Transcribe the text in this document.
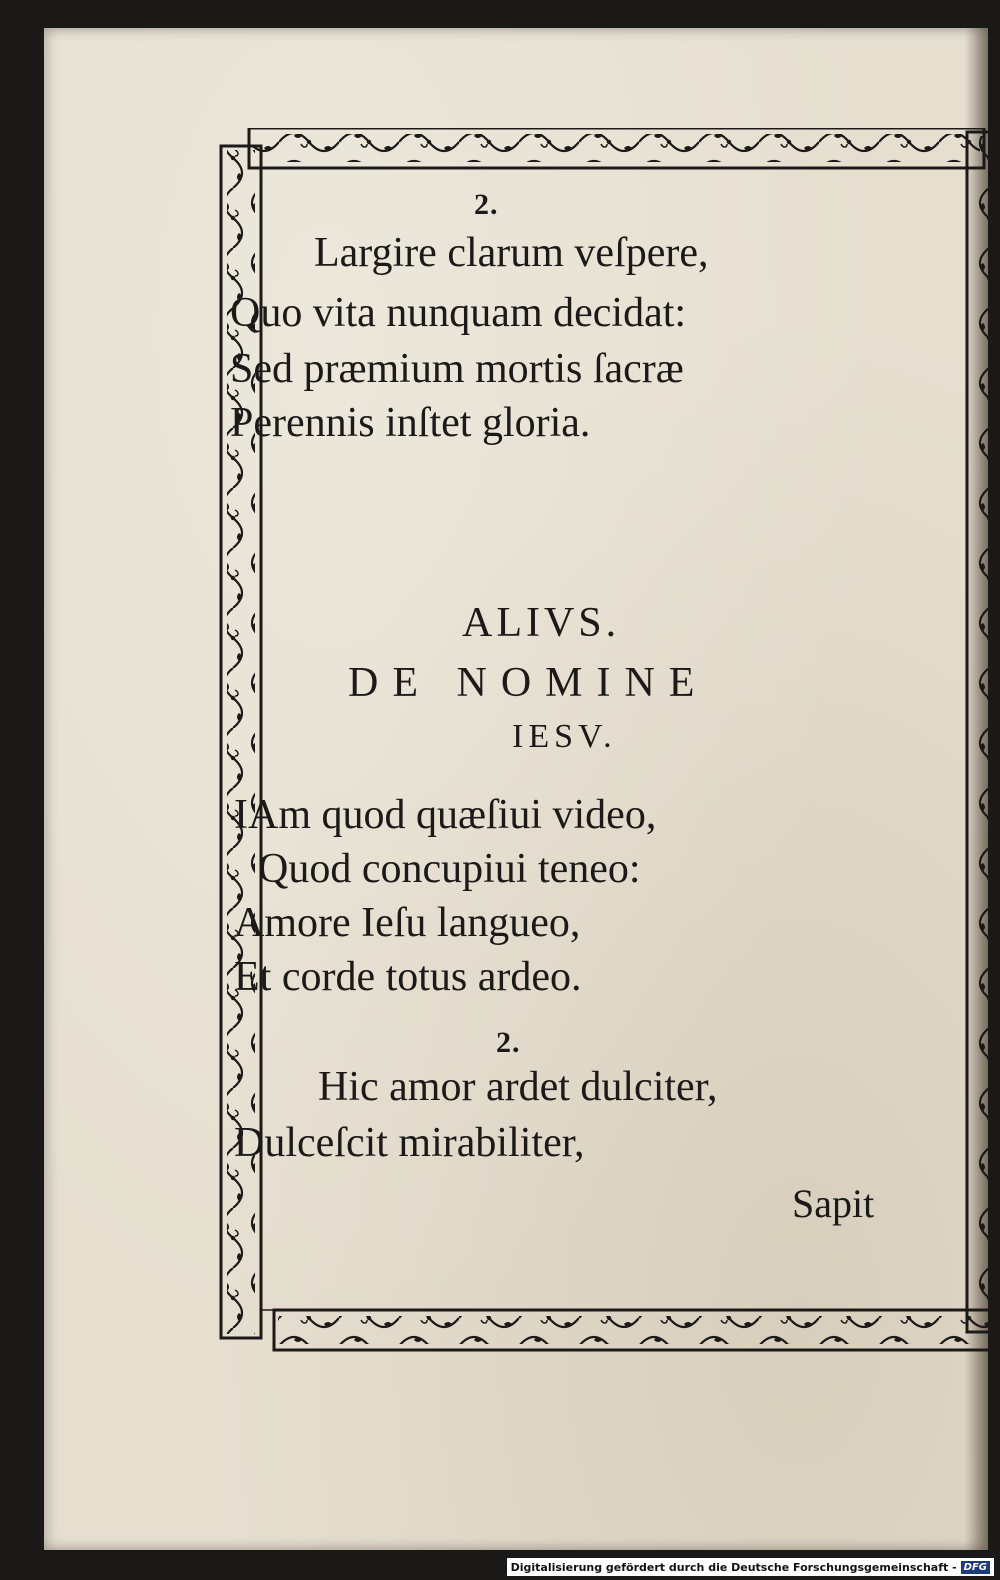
2.
Largire clarum veſpere,
Quo vita nunquam decidat:
Sed præmium mortis ſacræ
Perennis inſtet gloria.
ALIVS.
DE NOMINE
IESV.
IAm quod quæſiui video,
Quod concupiui teneo:
Amore Ieſu langueo,
Et corde totus ardeo.
2.
Hic amor ardet dulciter,
Dulceſcit mirabiliter,
Sapit
Digitalisierung gefördert durch die Deutsche Forschungsgemeinschaft - DFG
